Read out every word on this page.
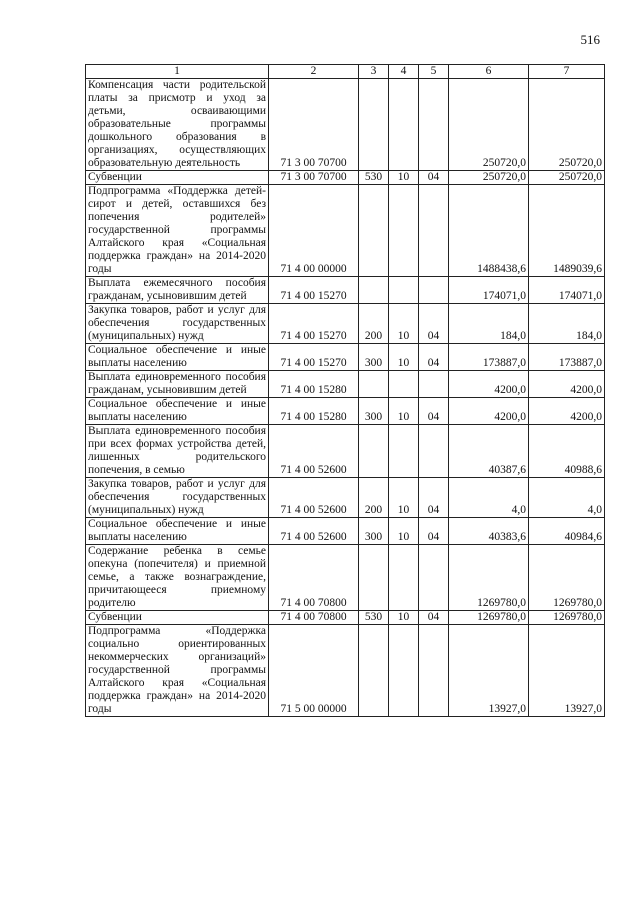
516
1	2	3	4	5	6	7
Компенсация части родительской платы за присмотр и уход за детьми, осваивающими образовательные программы дошкольного образования в организациях, осуществляющих образовательную деятельность	71 3 00 70700				250720,0	250720,0
Субвенции	71 3 00 70700	530	10	04	250720,0	250720,0
Подпрограмма «Поддержка детей-сирот и детей, оставшихся без попечения родителей» государственной программы Алтайского края «Социальная поддержка граждан» на 2014-2020 годы	71 4 00 00000				1488438,6	1489039,6
Выплата ежемесячного пособия гражданам, усыновившим детей	71 4 00 15270				174071,0	174071,0
Закупка товаров, работ и услуг для обеспечения государственных (муниципальных) нужд	71 4 00 15270	200	10	04	184,0	184,0
Социальное обеспечение и иные выплаты населению	71 4 00 15270	300	10	04	173887,0	173887,0
Выплата единовременного пособия гражданам, усыновившим детей	71 4 00 15280				4200,0	4200,0
Социальное обеспечение и иные выплаты населению	71 4 00 15280	300	10	04	4200,0	4200,0
Выплата единовременного пособия при всех формах устройства детей, лишенных родительского попечения, в семью	71 4 00 52600				40387,6	40988,6
Закупка товаров, работ и услуг для обеспечения государственных (муниципальных) нужд	71 4 00 52600	200	10	04	4,0	4,0
Социальное обеспечение и иные выплаты населению	71 4 00 52600	300	10	04	40383,6	40984,6
Содержание ребенка в семье опекуна (попечителя) и приемной семье, а также вознаграждение, причитающееся приемному родителю	71 4 00 70800				1269780,0	1269780,0
Субвенции	71 4 00 70800	530	10	04	1269780,0	1269780,0
Подпрограмма «Поддержка социально ориентированных некоммерческих организаций» государственной программы Алтайского края «Социальная поддержка граждан» на 2014-2020 годы	71 5 00 00000				13927,0	13927,0
